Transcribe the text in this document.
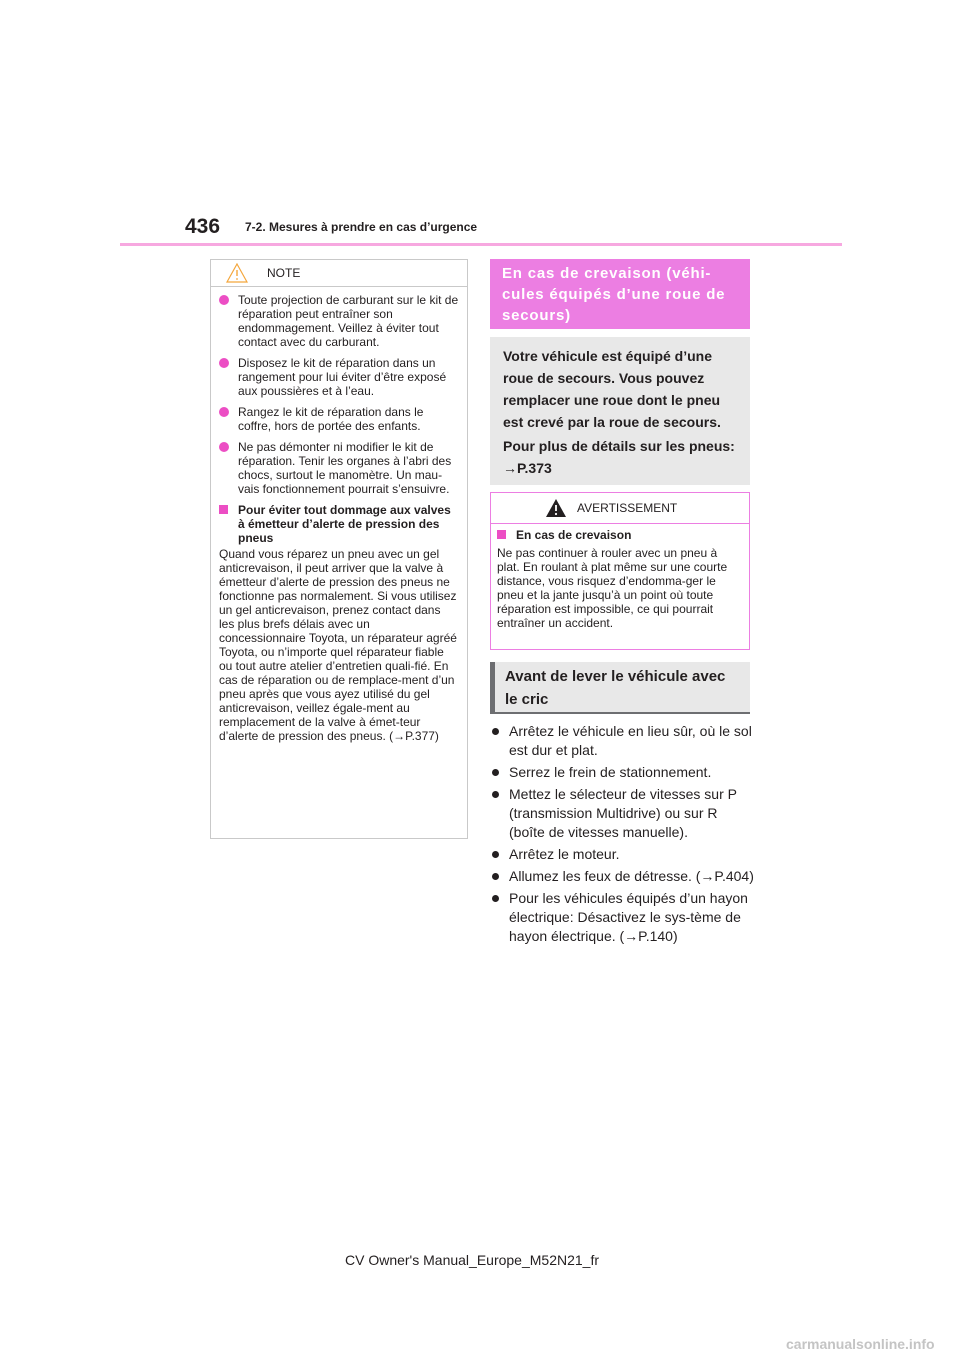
436 7-2. Mesures à prendre en cas d’urgence
NOTE
Toute projection de carburant sur le kit de réparation peut entraîner son endommagement. Veillez à éviter tout contact avec du carburant.
Disposez le kit de réparation dans un rangement pour lui éviter d’être exposé aux poussières et à l’eau.
Rangez le kit de réparation dans le coffre, hors de portée des enfants.
Ne pas démonter ni modifier le kit de réparation. Tenir les organes à l’abri des chocs, surtout le manomètre. Un mau-vais fonctionnement pourrait s’ensuivre.
Pour éviter tout dommage aux valves à émetteur d’alerte de pression des pneus

Quand vous réparez un pneu avec un gel anticrevaison, il peut arriver que la valve à émetteur d’alerte de pression des pneus ne fonctionne pas normalement. Si vous utilisez un gel anticrevaison, prenez contact dans les plus brefs délais avec un concessionnaire Toyota, un réparateur agréé Toyota, ou n’importe quel réparateur fiable ou tout autre atelier d’entretien quali-fié. En cas de réparation ou de remplace-ment d’un pneu après que vous ayez utilisé du gel anticrevaison, veillez égale-ment au remplacement de la valve à émet-teur d’alerte de pression des pneus. (→P.377)

En cas de crevaison (véhi-cules équipés d’une roue de secours)

Votre véhicule est équipé d’une roue de secours. Vous pouvez remplacer une roue dont le pneu est crevé par la roue de secours.

Pour plus de détails sur les pneus:

→P.373

AVERTISSEMENT
En cas de crevaison

Ne pas continuer à rouler avec un pneu à plat. En roulant à plat même sur une courte distance, vous risquez d’endomma-ger le pneu et la jante jusqu’à un point où toute réparation est impossible, ce qui pourrait entraîner un accident.

Avant de lever le véhicule avec le cric
Arrêtez le véhicule en lieu sûr, où le sol est dur et plat.
Serrez le frein de stationnement.
Mettez le sélecteur de vitesses sur P (transmission Multidrive) ou sur R (boîte de vitesses manuelle).
Arrêtez le moteur.
Allumez les feux de détresse. (→P.404)
Pour les véhicules équipés d’un hayon électrique: Désactivez le sys-tème de hayon électrique. (→P.140)
CV Owner's Manual_Europe_M52N21_fr
carmanualsonline.info
